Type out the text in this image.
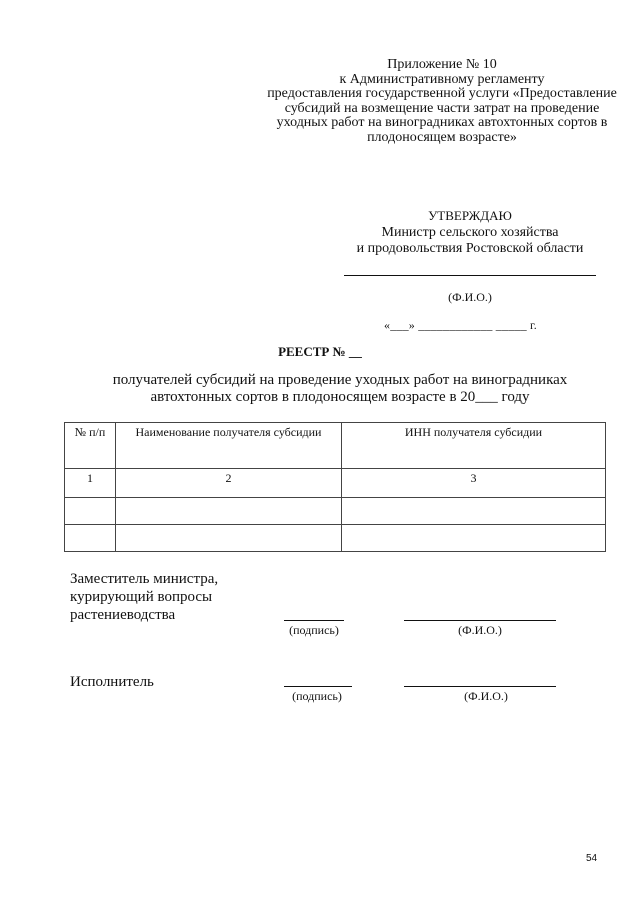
Приложение № 10
к Административному регламенту
предоставления государственной услуги «Предоставление
субсидий на возмещение части затрат на проведение
уходных работ на виноградниках автохтонных сортов в
плодоносящем возрасте»
УТВЕРЖДАЮ
Министр сельского хозяйства
и продовольствия Ростовской области
(Ф.И.О.)
«___» ____________ _____ г.
РЕЕСТР № __
получателей субсидий на проведение уходных работ на виноградниках
автохтонных сортов в плодоносящем возрасте в 20___ году
№ п/п	Наименование получателя субсидии	ИНН получателя субсидии
1	2	3

Заместитель министра,
курирующий вопросы
растениеводства
(подпись)	(Ф.И.О.)
Исполнитель
(подпись)	(Ф.И.О.)
54
